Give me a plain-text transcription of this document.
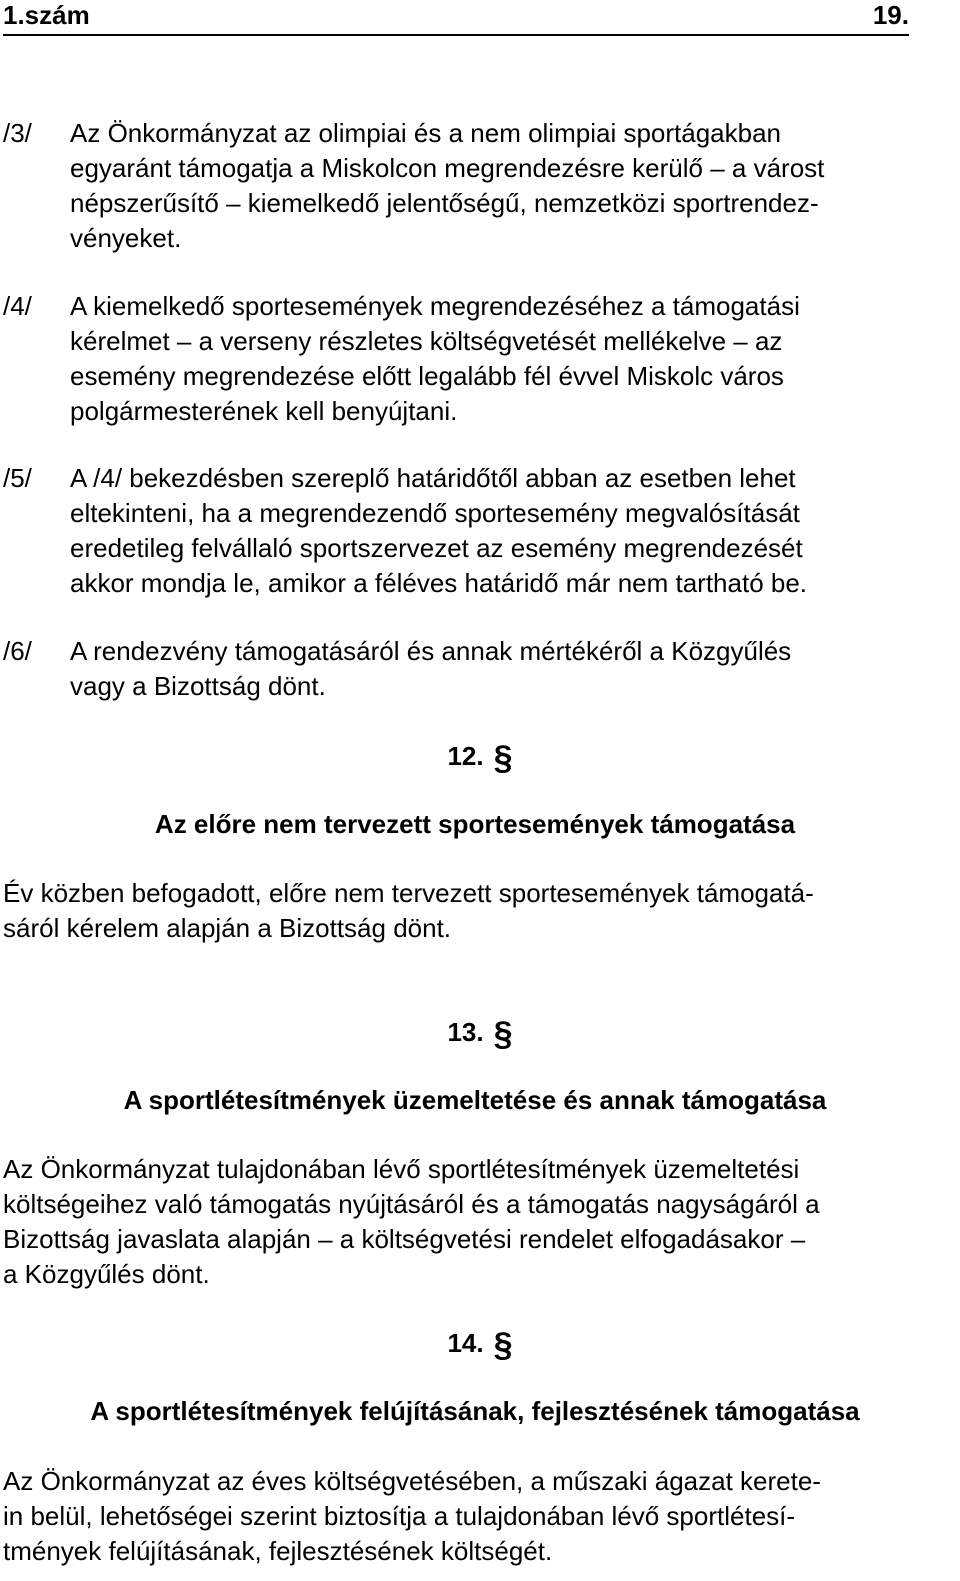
1.szám	19.
/3/ Az Önkormányzat az olimpiai és a nem olimpiai sportágakban
egyaránt támogatja a Miskolcon megrendezésre kerülő – a várost
népszerűsítő – kiemelkedő jelentőségű, nemzetközi sportrendez-
vényeket.
/4/ A kiemelkedő sportesemények megrendezéséhez a támogatási
kérelmet – a verseny részletes költségvetését mellékelve – az
esemény megrendezése előtt legalább fél évvel Miskolc város
polgármesterének kell benyújtani.
/5/ A /4/ bekezdésben szereplő határidőtől abban az esetben lehet
eltekinteni, ha a megrendezendő sportesemény megvalósítását
eredetileg felvállaló sportszervezet az esemény megrendezését
akkor mondja le, amikor a féléves határidő már nem tartható be.
/6/ A rendezvény támogatásáról és annak mértékéről a Közgyűlés
vagy a Bizottság dönt.
12. §
Az előre nem tervezett sportesemények támogatása
Év közben befogadott, előre nem tervezett sportesemények támogatá-
sáról kérelem alapján a Bizottság dönt.
13. §
A sportlétesítmények üzemeltetése és annak támogatása
Az Önkormányzat tulajdonában lévő sportlétesítmények üzemeltetési
költségeihez való támogatás nyújtásáról és a támogatás nagyságáról a
Bizottság javaslata alapján – a költségvetési rendelet elfogadásakor –
a Közgyűlés dönt.
14. §
A sportlétesítmények felújításának, fejlesztésének támogatása
Az Önkormányzat az éves költségvetésében, a műszaki ágazat kerete-
in belül, lehetőségei szerint biztosítja a tulajdonában lévő sportlétesí-
tmények felújításának, fejlesztésének költségét.
